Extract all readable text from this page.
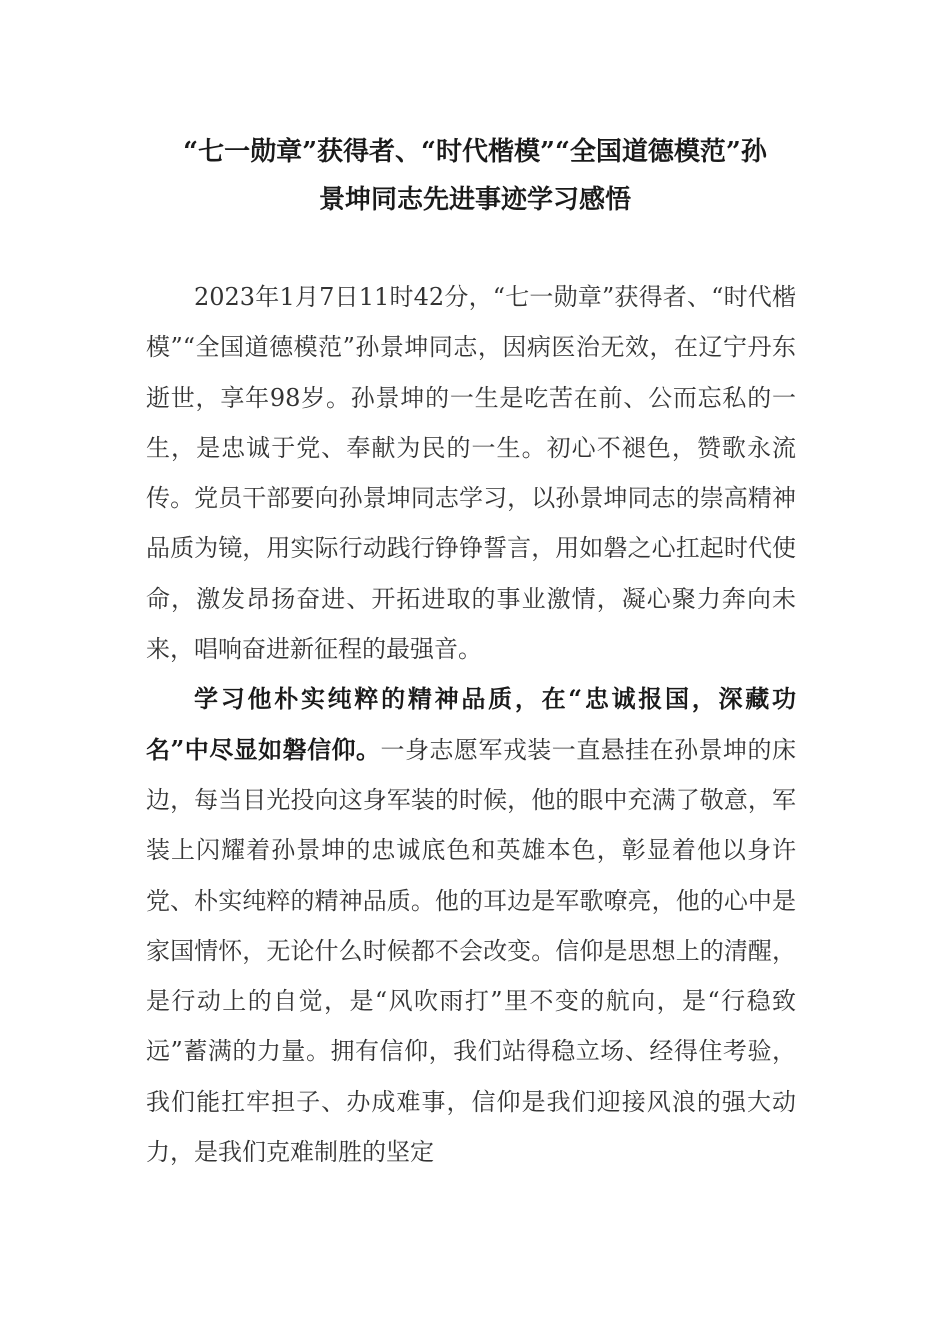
“七一勋章”获得者、“时代楷模”“全国道德模范”孙
景坤同志先进事迹学习感悟

2023年1月7日11时42分，“七一勋章”获得者、“时代楷模”“全国道德模范”孙景坤同志，因病医治无效，在辽宁丹东逝世，享年98岁。孙景坤的一生是吃苦在前、公而忘私的一生，是忠诚于党、奉献为民的一生。初心不褪色，赞歌永流传。党员干部要向孙景坤同志学习，以孙景坤同志的崇高精神品质为镜，用实际行动践行铮铮誓言，用如磐之心扛起时代使命，激发昂扬奋进、开拓进取的事业激情，凝心聚力奔向未来，唱响奋进新征程的最强音。

学习他朴实纯粹的精神品质，在“忠诚报国，深藏功名”中尽显如磐信仰。一身志愿军戎装一直悬挂在孙景坤的床边，每当目光投向这身军装的时候，他的眼中充满了敬意，军装上闪耀着孙景坤的忠诚底色和英雄本色，彰显着他以身许党、朴实纯粹的精神品质。他的耳边是军歌嘹亮，他的心中是家国情怀，无论什么时候都不会改变。信仰是思想上的清醒，是行动上的自觉，是“风吹雨打”里不变的航向，是“行稳致远”蓄满的力量。拥有信仰，我们站得稳立场、经得住考验，我们能扛牢担子、办成难事，信仰是我们迎接风浪的强大动力，是我们克难制胜的坚定
